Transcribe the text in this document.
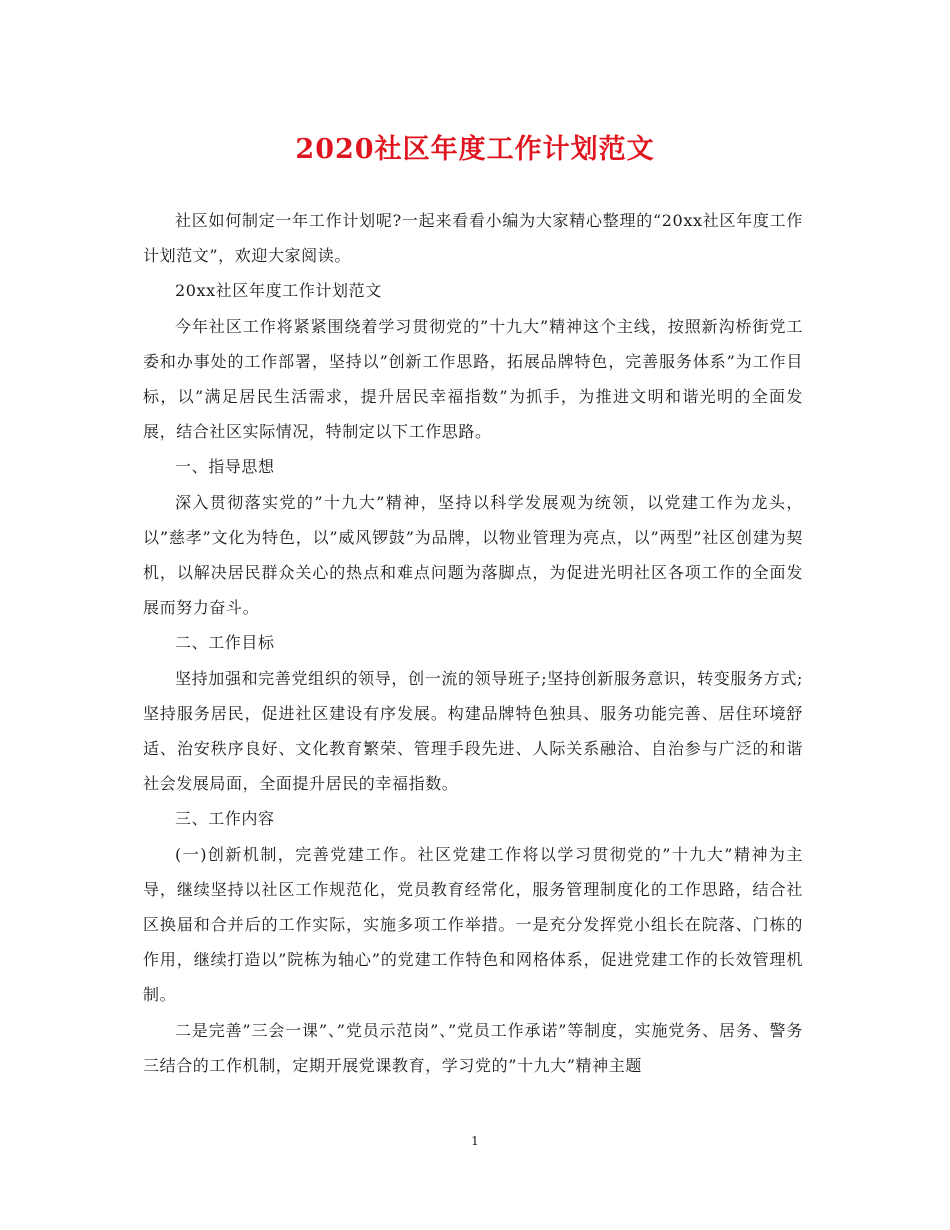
2020社区年度工作计划范文

社区如何制定一年工作计划呢?一起来看看小编为大家精心整理的“20xx社区年度工作计划范文”，欢迎大家阅读。

20xx社区年度工作计划范文

今年社区工作将紧紧围绕着学习贯彻党的”十九大”精神这个主线，按照新沟桥街党工委和办事处的工作部署，坚持以”创新工作思路，拓展品牌特色，完善服务体系”为工作目标，以”满足居民生活需求，提升居民幸福指数”为抓手，为推进文明和谐光明的全面发展，结合社区实际情况，特制定以下工作思路。

一、指导思想

深入贯彻落实党的”十九大”精神，坚持以科学发展观为统领，以党建工作为龙头，以”慈孝”文化为特色，以”威风锣鼓”为品牌，以物业管理为亮点，以”两型”社区创建为契机，以解决居民群众关心的热点和难点问题为落脚点，为促进光明社区各项工作的全面发展而努力奋斗。

二、工作目标

坚持加强和完善党组织的领导，创一流的领导班子;坚持创新服务意识，转变服务方式;坚持服务居民，促进社区建设有序发展。构建品牌特色独具、服务功能完善、居住环境舒适、治安秩序良好、文化教育繁荣、管理手段先进、人际关系融洽、自治参与广泛的和谐社会发展局面，全面提升居民的幸福指数。

三、工作内容

(一)创新机制，完善党建工作。社区党建工作将以学习贯彻党的”十九大”精神为主导，继续坚持以社区工作规范化，党员教育经常化，服务管理制度化的工作思路，结合社区换届和合并后的工作实际，实施多项工作举措。一是充分发挥党小组长在院落、门栋的作用，继续打造以”院栋为轴心”的党建工作特色和网格体系，促进党建工作的长效管理机制。

二是完善”三会一课”、”党员示范岗”、”党员工作承诺”等制度，实施党务、居务、警务三结合的工作机制，定期开展党课教育，学习党的”十九大”精神主题

1
